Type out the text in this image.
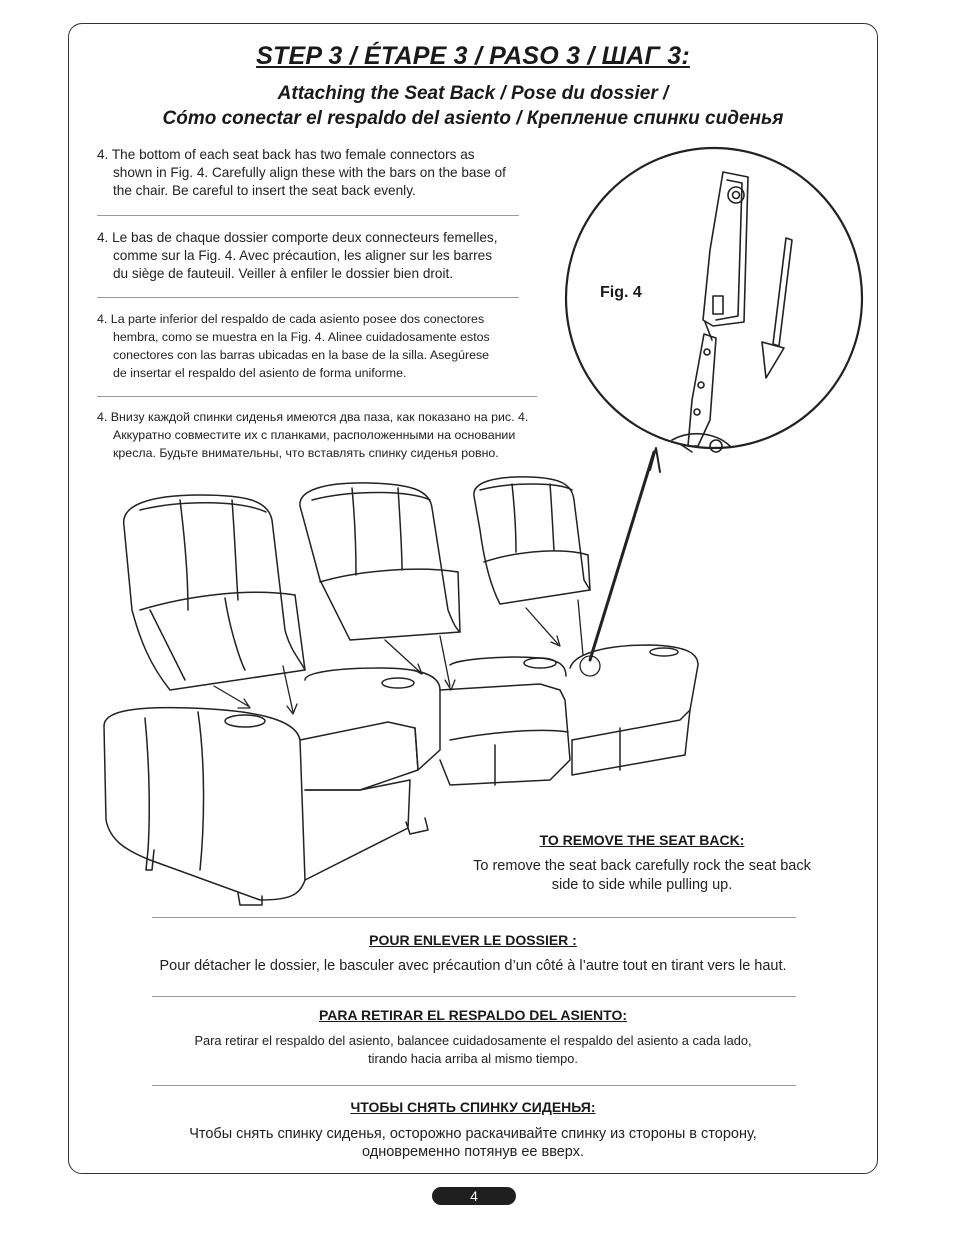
STEP 3 / ÉTAPE 3 / PASO 3 / ШАГ 3:
Attaching the Seat Back / Pose du dossier /
Cómo conectar el respaldo del asiento / Крепление спинки сиденья
4. The bottom of each seat back has two female connectors as
shown in Fig. 4. Carefully align these with the bars on the base of
the chair. Be careful to insert the seat back evenly.
4. Le bas de chaque dossier comporte deux connecteurs femelles,
comme sur la Fig. 4. Avec précaution, les aligner sur les barres
du siège de fauteuil. Veiller à enfiler le dossier bien droit.
4. La parte inferior del respaldo de cada asiento posee dos conectores
hembra, como se muestra en la Fig. 4. Alinee cuidadosamente estos
conectores con las barras ubicadas en la base de la silla. Asegúrese
de insertar el respaldo del asiento de forma uniforme.
4. Внизу каждой спинки сиденья имеются два паза, как показано на рис. 4.
Аккуратно совместите их с планками, расположенными на основании
кресла. Будьте внимательны, что вставлять спинку сиденья ровно.
Fig. 4
TO REMOVE THE SEAT BACK:
To remove the seat back carefully rock the seat back
side to side while pulling up.
POUR ENLEVER LE DOSSIER :
Pour détacher le dossier, le basculer avec précaution d’un côté à l’autre tout en tirant vers le haut.
PARA RETIRAR EL RESPALDO DEL ASIENTO:
Para retirar el respaldo del asiento, balancee cuidadosamente el respaldo del asiento a cada lado,
tirando hacia arriba al mismo tiempo.
ЧТОБЫ СНЯТЬ СПИНКУ СИДЕНЬЯ:
Чтобы снять спинку сиденья, осторожно раскачивайте спинку из стороны в сторону,
одновременно потянув ее вверх.
4
